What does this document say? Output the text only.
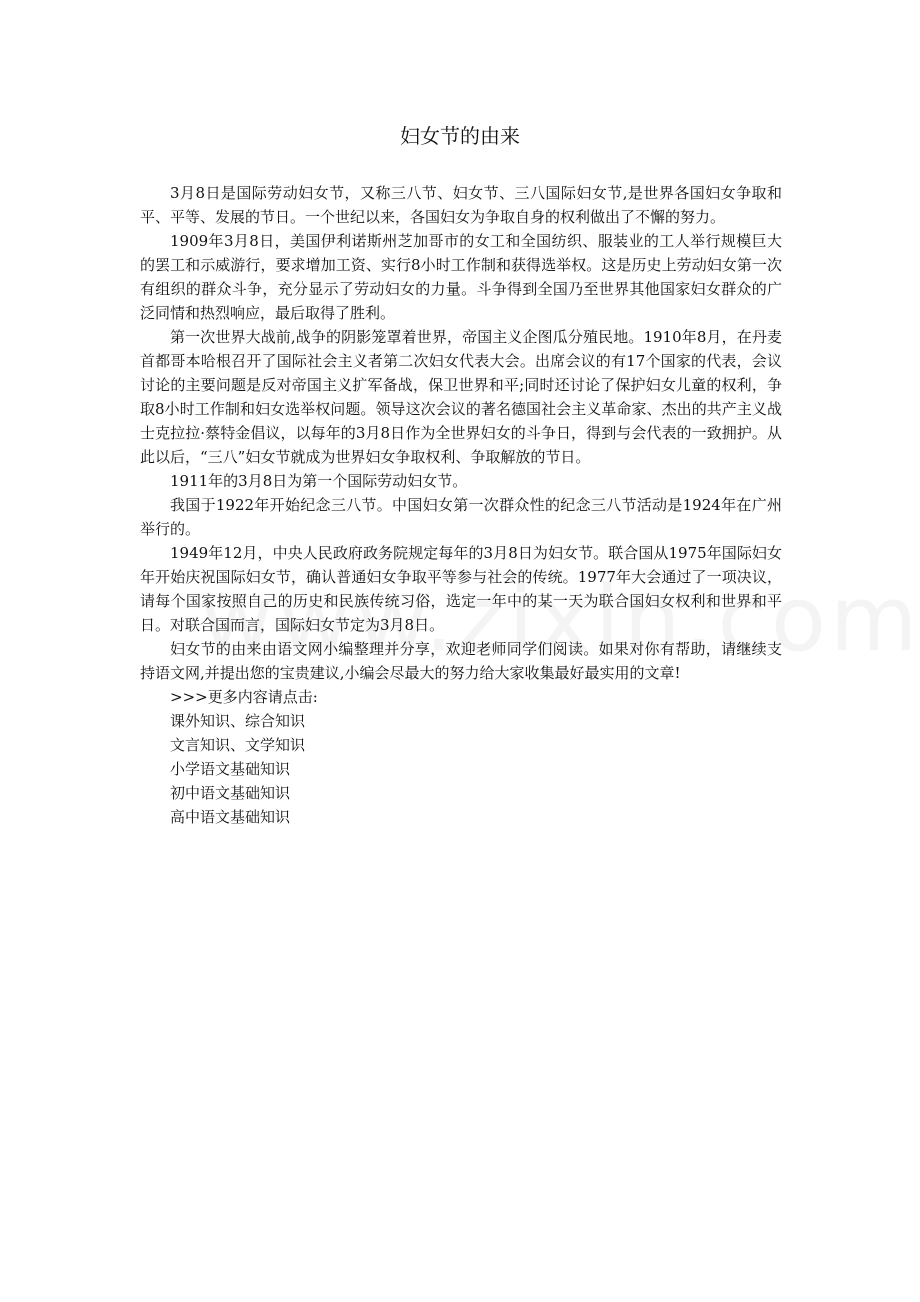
妇女节的由来

3月8日是国际劳动妇女节，又称三八节、妇女节、三八国际妇女节,是世界各国妇女争取和平、平等、发展的节日。一个世纪以来，各国妇女为争取自身的权利做出了不懈的努力。

1909年3月8日，美国伊利诺斯州芝加哥市的女工和全国纺织、服装业的工人举行规模巨大的罢工和示威游行，要求增加工资、实行8小时工作制和获得选举权。这是历史上劳动妇女第一次有组织的群众斗争，充分显示了劳动妇女的力量。斗争得到全国乃至世界其他国家妇女群众的广泛同情和热烈响应，最后取得了胜利。

第一次世界大战前,战争的阴影笼罩着世界，帝国主义企图瓜分殖民地。1910年8月，在丹麦首都哥本哈根召开了国际社会主义者第二次妇女代表大会。出席会议的有17个国家的代表，会议讨论的主要问题是反对帝国主义扩军备战，保卫世界和平;同时还讨论了保护妇女儿童的权利，争取8小时工作制和妇女选举权问题。领导这次会议的著名德国社会主义革命家、杰出的共产主义战士克拉拉·蔡特金倡议，以每年的3月8日作为全世界妇女的斗争日，得到与会代表的一致拥护。从此以后，“三八”妇女节就成为世界妇女争取权利、争取解放的节日。

1911年的3月8日为第一个国际劳动妇女节。

我国于1922年开始纪念三八节。中国妇女第一次群众性的纪念三八节活动是1924年在广州举行的。

1949年12月，中央人民政府政务院规定每年的3月8日为妇女节。联合国从1975年国际妇女年开始庆祝国际妇女节，确认普通妇女争取平等参与社会的传统。1977年大会通过了一项决议，请每个国家按照自己的历史和民族传统习俗，选定一年中的某一天为联合国妇女权利和世界和平日。对联合国而言，国际妇女节定为3月8日。

妇女节的由来由语文网小编整理并分享，欢迎老师同学们阅读。如果对你有帮助，请继续支持语文网,并提出您的宝贵建议,小编会尽最大的努力给大家收集最好最实用的文章!

>>>更多内容请点击:

课外知识、综合知识

文言知识、文学知识

小学语文基础知识

初中语文基础知识

高中语文基础知识
